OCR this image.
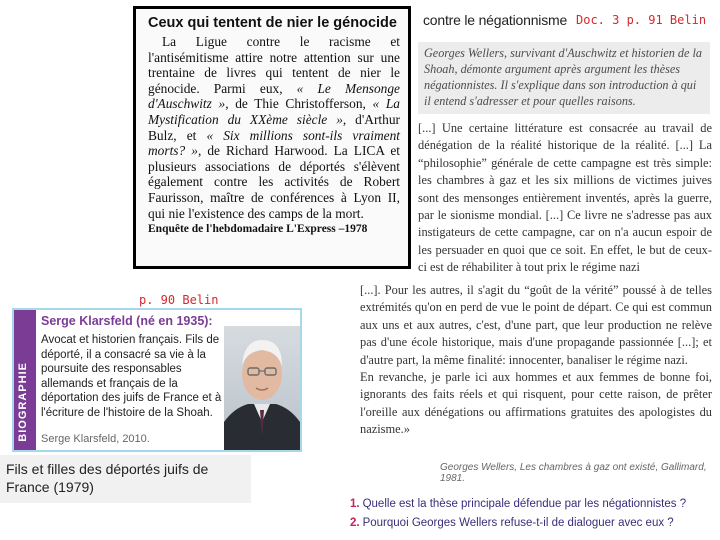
Ceux qui tentent de nier le génocide

La Ligue contre le racisme et l'antisémitisme attire notre attention sur une trentaine de livres qui tentent de nier le génocide. Parmi eux, « Le Mensonge d'Auschwitz », de Thie Christofferson, « La Mystification du XXème siècle », d'Arthur Bulz, et « Six millions sont-ils vraiment morts? », de Richard Harwood. La LICA et plusieurs associations de déportés s'élèvent également contre les activités de Robert Faurisson, maître de conférences à Lyon II, qui nie l'existence des camps de la mort.

Enquête de l'hebdomadaire L'Express –1978
contre le négationnisme Doc. 3 p. 91 Belin
Georges Wellers, survivant d'Auschwitz et historien de la Shoah, démonte argument après argument les thèses négationnistes. Il s'explique dans son introduction à qui il entend s'adresser et pour quelles raisons.
[...] Une certaine littérature est consacrée au travail de dénégation de la réalité historique de la réalité. [...] La “philosophie” générale de cette campagne est très simple: les chambres à gaz et les six millions de victimes juives sont des mensonges entièrement inventés, après la guerre, par le sionisme mondial. [...] Ce livre ne s'adresse pas aux instigateurs de cette campagne, car on n'a aucun espoir de les persuader en quoi que ce soit. En effet, le but de ceux-ci est de réhabiliter à tout prix le régime nazi
[...]. Pour les autres, il s'agit du “goût de la vérité” poussé à de telles extrémités qu'on en perd de vue le point de départ. Ce qui est commun aux uns et aux autres, c'est, d'une part, que leur production ne relève pas d'une école historique, mais d'une propagande passionnée [...]; et d'autre part, la même finalité: innocenter, banaliser le régime nazi.
En revanche, je parle ici aux hommes et aux femmes de bonne foi, ignorants des faits réels et qui risquent, pour cette raison, de prêter l'oreille aux dénégations ou affirmations gratuites des apologistes du nazisme.»
Georges Wellers, Les chambres à gaz ont existé, Gallimard, 1981.
1. Quelle est la thèse principale défendue par les négationnistes ?
2. Pourquoi Georges Wellers refuse-t-il de dialoguer avec eux ?
p. 90 Belin
BIOGRAPHIE
Serge Klarsfeld (né en 1935):
Avocat et historien français. Fils de déporté, il a consacré sa vie à la poursuite des responsables allemands et français de la déportation des juifs de France et à l'écriture de l'histoire de la Shoah.
Serge Klarsfeld, 2010.
Fils et filles des déportés juifs de France (1979)
